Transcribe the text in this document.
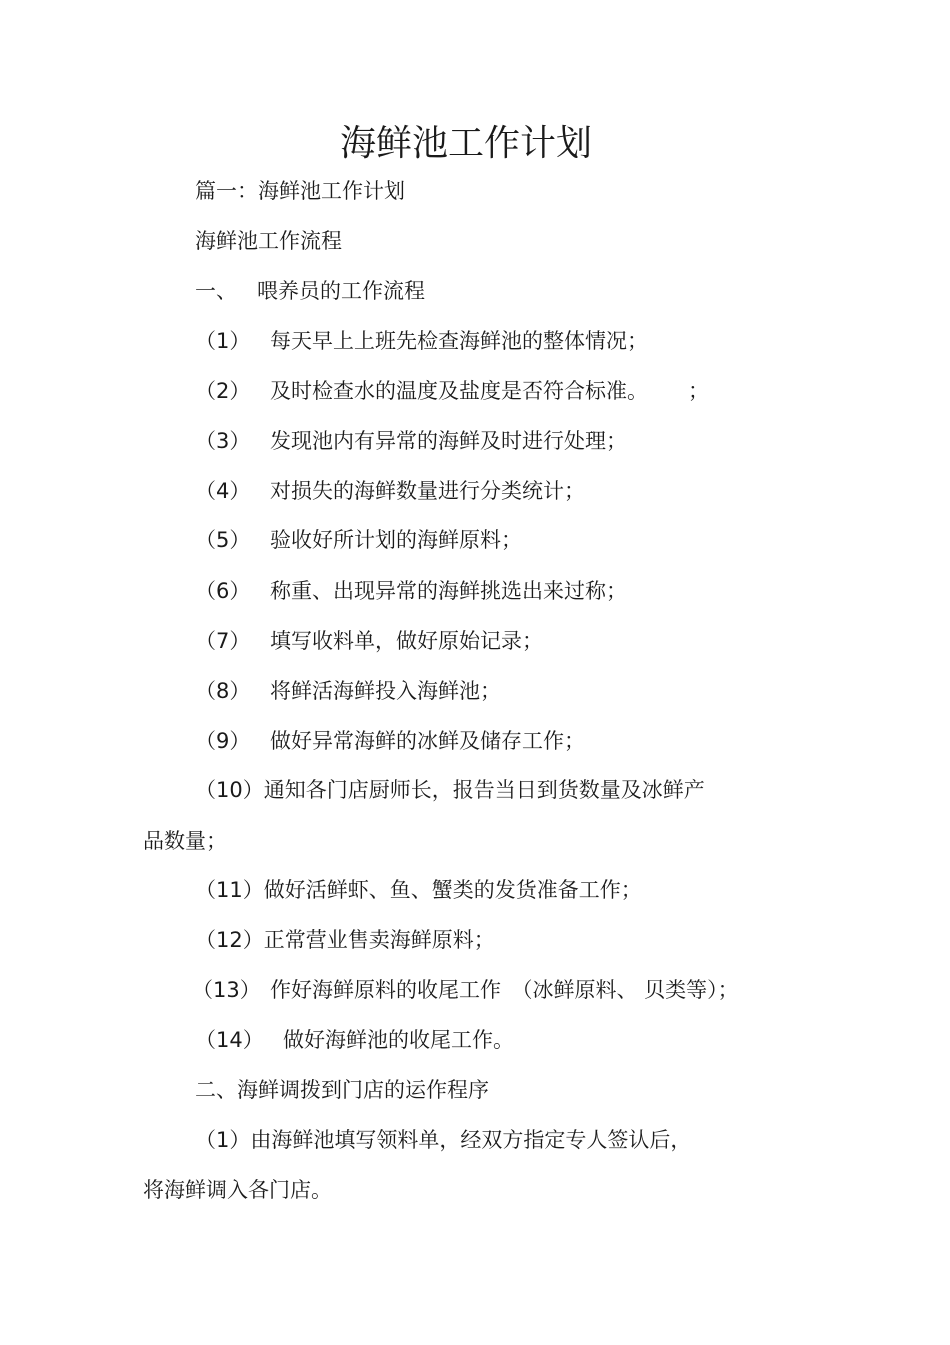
海鲜池工作计划
篇一：海鲜池工作计划
海鲜池工作流程
一、 喂养员的工作流程
（1） 每天早上上班先检查海鲜池的整体情况；
（2） 及时检查水的温度及盐度是否符合标准。      ；
（3） 发现池内有异常的海鲜及时进行处理；
（4） 对损失的海鲜数量进行分类统计；
（5） 验收好所计划的海鲜原料；
（6） 称重、出现异常的海鲜挑选出来过称；
（7） 填写收料单，做好原始记录；
（8） 将鲜活海鲜投入海鲜池；
（9） 做好异常海鲜的冰鲜及储存工作；
（10）通知各门店厨师长，报告当日到货数量及冰鲜产
品数量；
（11）做好活鲜虾、鱼、蟹类的发货准备工作；
（12）正常营业售卖海鲜原料；
（13） 作好海鲜原料的收尾工作　（冰鲜原料、 贝类等）；
（14） 做好海鲜池的收尾工作。
二、海鲜调拨到门店的运作程序
（1）由海鲜池填写领料单，经双方指定专人签认后，
将海鲜调入各门店。
